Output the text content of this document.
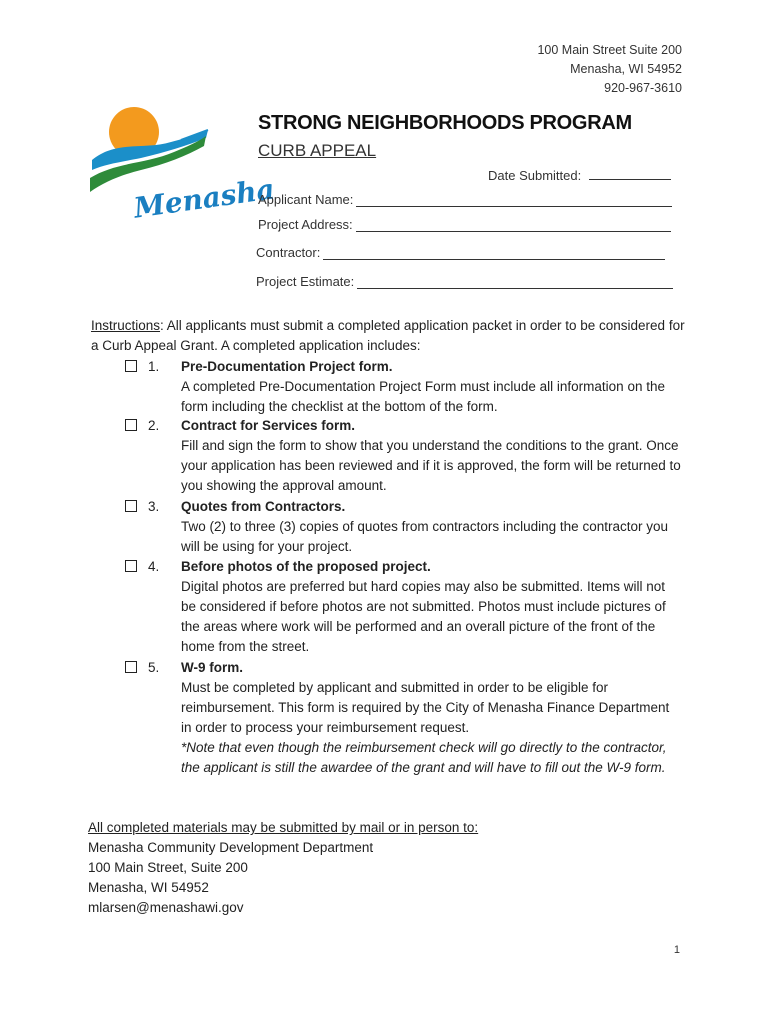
100 Main Street Suite 200
Menasha, WI 54952
920-967-3610
Menasha
STRONG NEIGHBORHOODS PROGRAM
CURB APPEAL
Date Submitted:
Applicant Name:
Project Address:
Contractor:
Project Estimate:
Instructions: All applicants must submit a completed application packet in order to be considered for a Curb Appeal Grant. A completed application includes:
1. Pre-Documentation Project form.
A completed Pre-Documentation Project Form must include all information on the form including the checklist at the bottom of the form.
2. Contract for Services form.
Fill and sign the form to show that you understand the conditions to the grant. Once your application has been reviewed and if it is approved, the form will be returned to you showing the approval amount.
3. Quotes from Contractors.
Two (2) to three (3) copies of quotes from contractors including the contractor you will be using for your project.
4. Before photos of the proposed project.
Digital photos are preferred but hard copies may also be submitted. Items will not be considered if before photos are not submitted. Photos must include pictures of the areas where work will be performed and an overall picture of the front of the home from the street.
5. W-9 form.
Must be completed by applicant and submitted in order to be eligible for reimbursement. This form is required by the City of Menasha Finance Department in order to process your reimbursement request.
*Note that even though the reimbursement check will go directly to the contractor, the applicant is still the awardee of the grant and will have to fill out the W-9 form.
All completed materials may be submitted by mail or in person to:
Menasha Community Development Department
100 Main Street, Suite 200
Menasha, WI 54952
mlarsen@menashawi.gov
1
